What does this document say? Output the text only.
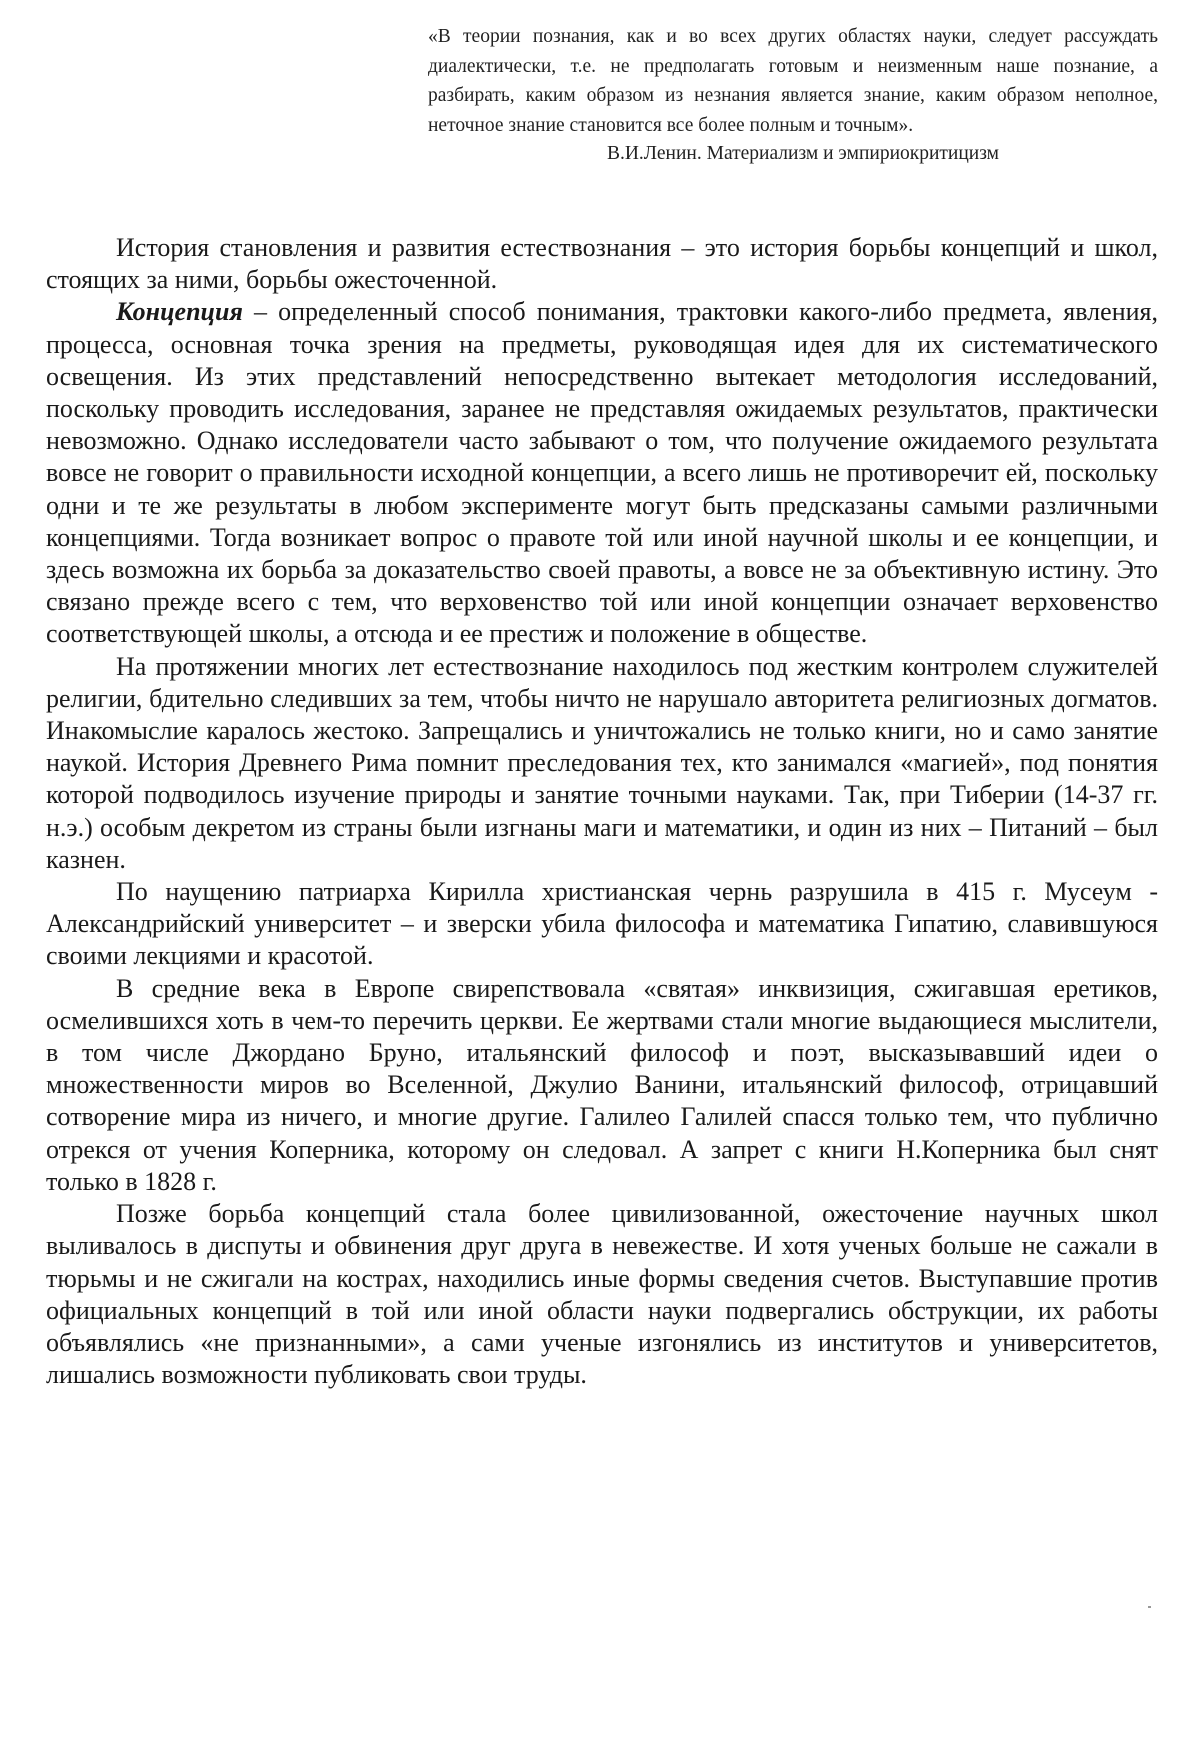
«В теории познания, как и во всех других областях науки, следует рассуждать диалектически, т.е. не предполагать готовым и неизменным наше познание, а разбирать, каким образом из незнания является знание, каким образом неполное, неточное знание становится все более полным и точным».

В.И.Ленин. Материализм и эмпириокритицизм

История становления и развития естествознания – это история борьбы концепций и школ, стоящих за ними, борьбы ожесточенной.

Концепция – определенный способ понимания, трактовки какого-либо предмета, явления, процесса, основная точка зрения на предметы, руководящая идея для их систематического освещения. Из этих представлений непосредственно вытекает методология исследований, поскольку проводить исследования, заранее не представляя ожидаемых результатов, практически невозможно. Однако исследователи часто забывают о том, что получение ожидаемого результата вовсе не говорит о правильности исходной концепции, а всего лишь не противоречит ей, поскольку одни и те же результаты в любом эксперименте могут быть предсказаны самыми различными концепциями. Тогда возникает вопрос о правоте той или иной научной школы и ее концепции, и здесь возможна их борьба за доказательство своей правоты, а вовсе не за объективную истину. Это связано прежде всего с тем, что верховенство той или иной концепции означает верховенство соответствующей школы, а отсюда и ее престиж и положение в обществе.

На протяжении многих лет естествознание находилось под жестким контролем служителей религии, бдительно следивших за тем, чтобы ничто не нарушало авторитета религиозных догматов. Инакомыслие каралось жестоко. Запрещались и уничтожались не только книги, но и само занятие наукой. История Древнего Рима помнит преследования тех, кто занимался «магией», под понятия которой подводилось изучение природы и занятие точными науками. Так, при Тиберии (14-37 гг. н.э.) особым декретом из страны были изгнаны маги и математики, и один из них – Питаний – был казнен.

По наущению патриарха Кирилла христианская чернь разрушила в 415 г. Мусеум - Александрийский университет – и зверски убила философа и математика Гипатию, славившуюся своими лекциями и красотой.

В средние века в Европе свирепствовала «святая» инквизиция, сжигавшая еретиков, осмелившихся хоть в чем-то перечить церкви. Ее жертвами стали многие выдающиеся мыслители, в том числе Джордано Бруно, итальянский философ и поэт, высказывавший идеи о множественности миров во Вселенной, Джулио Ванини, итальянский философ, отрицавший сотворение мира из ничего, и многие другие. Галилео Галилей спасся только тем, что публично отрекся от учения Коперника, которому он следовал. А запрет с книги Н.Коперника был снят только в 1828 г.

Позже борьба концепций стала более цивилизованной, ожесточение научных школ выливалось в диспуты и обвинения друг друга в невежестве. И хотя ученых больше не сажали в тюрьмы и не сжигали на кострах, находились иные формы сведения счетов. Выступавшие против официальных концепций в той или иной области науки подвергались обструкции, их работы объявлялись «не признанными», а сами ученые изгонялись из институтов и университетов, лишались возможности публиковать свои труды.
